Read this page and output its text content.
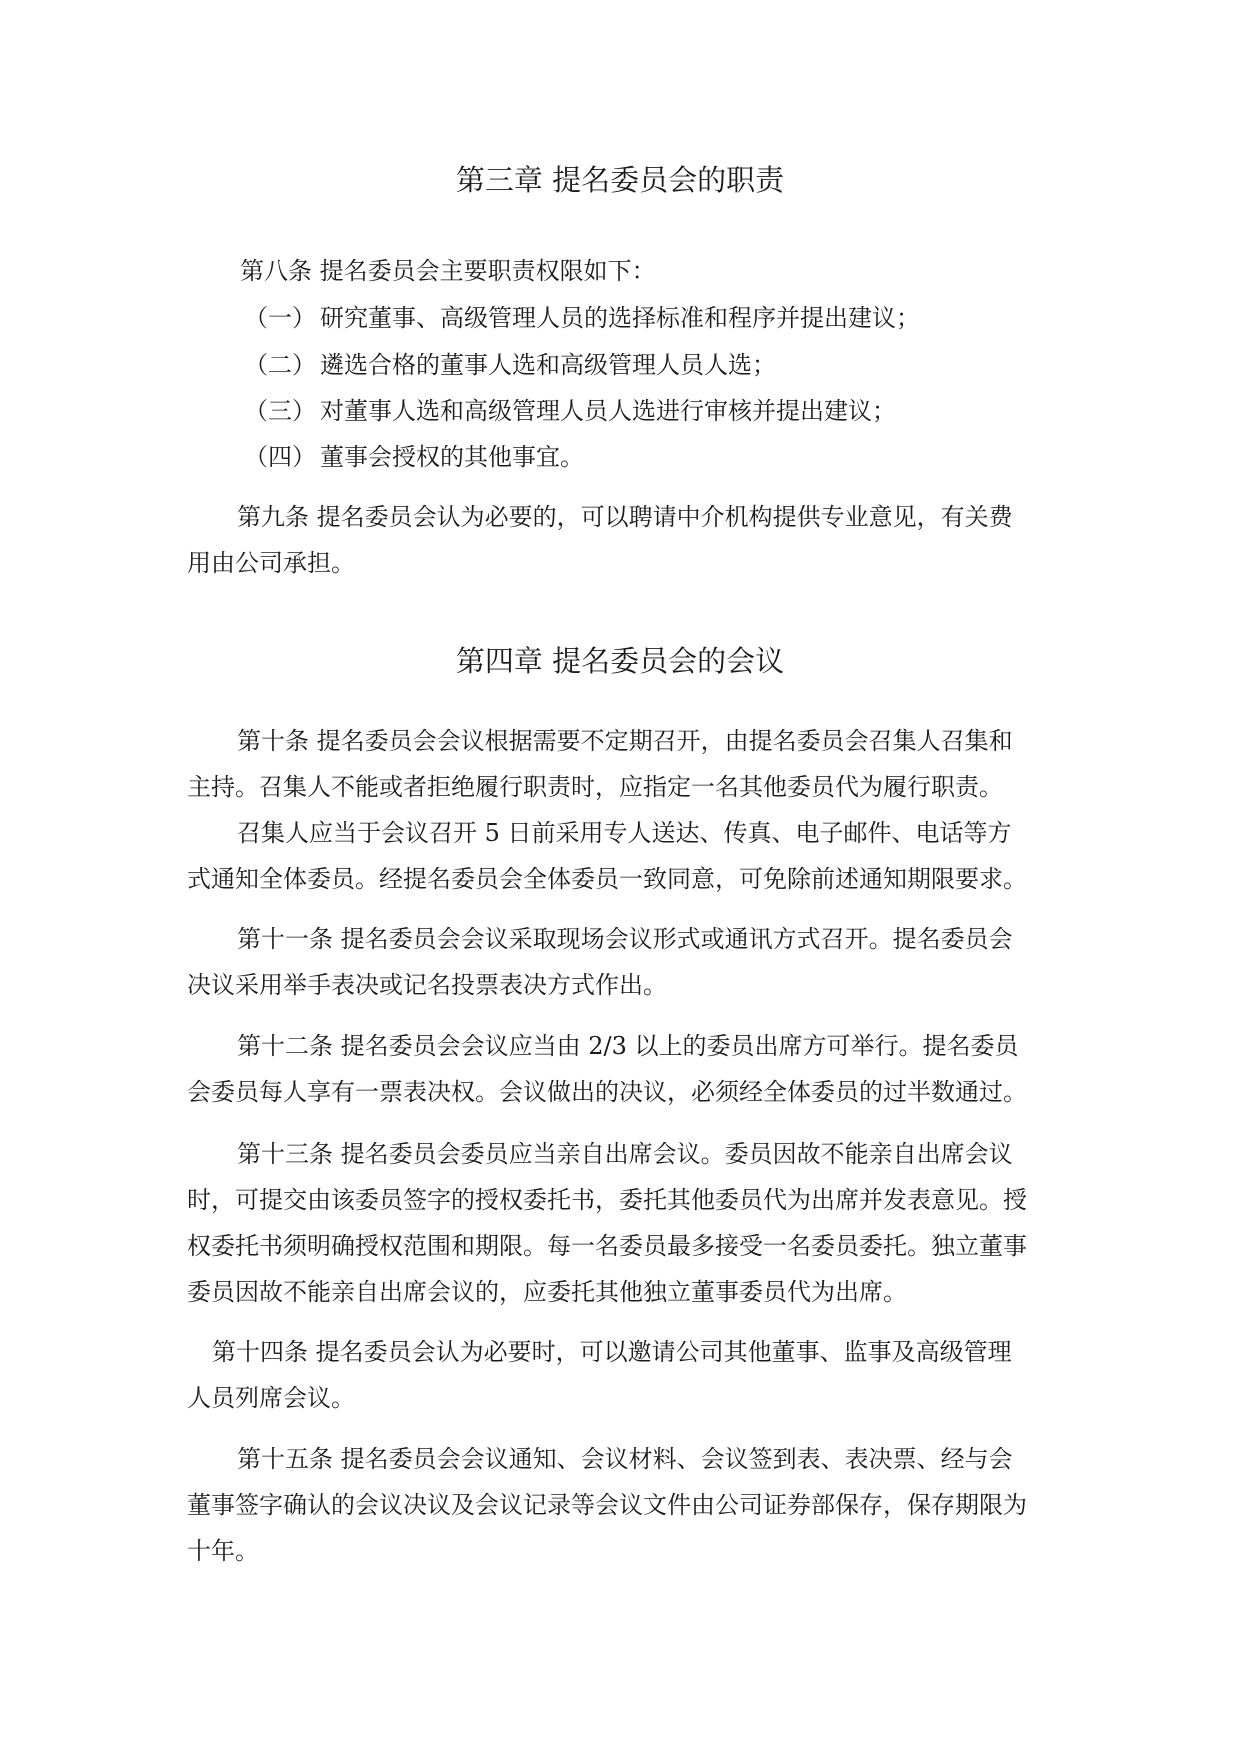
第三章 提名委员会的职责
第八条 提名委员会主要职责权限如下：
（一） 研究董事、高级管理人员的选择标准和程序并提出建议；
（二） 遴选合格的董事人选和高级管理人员人选；
（三） 对董事人选和高级管理人员人选进行审核并提出建议；
（四） 董事会授权的其他事宜。
第九条 提名委员会认为必要的，可以聘请中介机构提供专业意见，有关费
用由公司承担。
第四章 提名委员会的会议
第十条 提名委员会会议根据需要不定期召开，由提名委员会召集人召集和
主持。召集人不能或者拒绝履行职责时，应指定一名其他委员代为履行职责。
召集人应当于会议召开 5 日前采用专人送达、传真、电子邮件、电话等方
式通知全体委员。经提名委员会全体委员一致同意，可免除前述通知期限要求。
第十一条 提名委员会会议采取现场会议形式或通讯方式召开。提名委员会
决议采用举手表决或记名投票表决方式作出。
第十二条 提名委员会会议应当由 2/3 以上的委员出席方可举行。提名委员
会委员每人享有一票表决权。会议做出的决议，必须经全体委员的过半数通过。
第十三条 提名委员会委员应当亲自出席会议。委员因故不能亲自出席会议
时，可提交由该委员签字的授权委托书，委托其他委员代为出席并发表意见。授
权委托书须明确授权范围和期限。每一名委员最多接受一名委员委托。独立董事
委员因故不能亲自出席会议的，应委托其他独立董事委员代为出席。
第十四条 提名委员会认为必要时，可以邀请公司其他董事、监事及高级管理
人员列席会议。
第十五条 提名委员会会议通知、会议材料、会议签到表、表决票、经与会
董事签字确认的会议决议及会议记录等会议文件由公司证券部保存，保存期限为
十年。
